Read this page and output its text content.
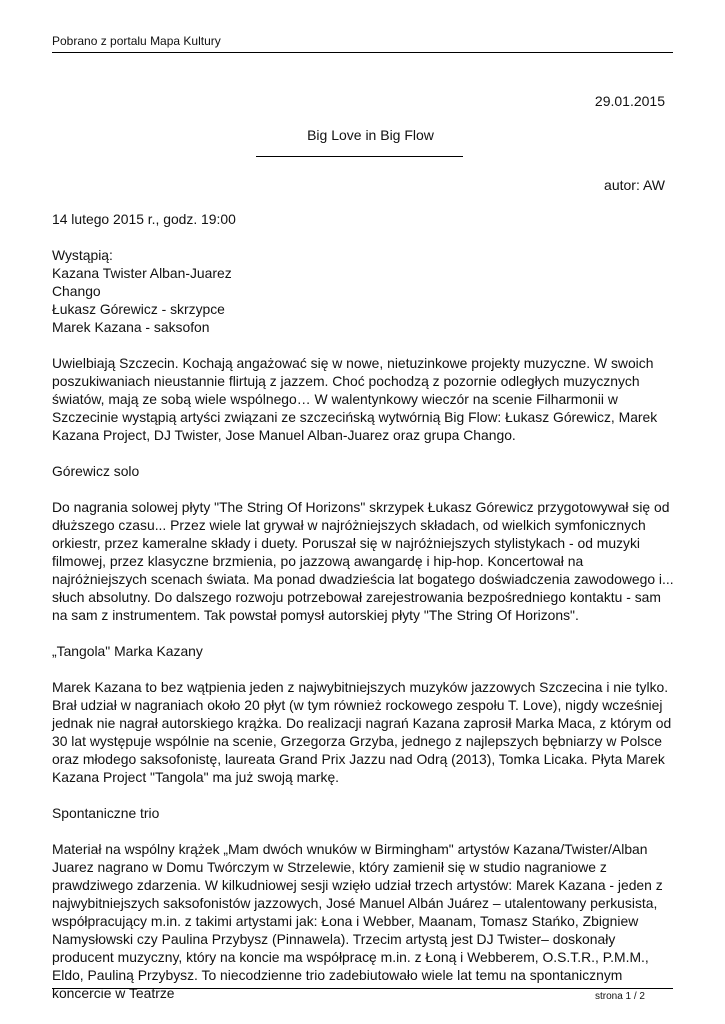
Pobrano z portalu Mapa Kultury
29.01.2015
Big Love in Big Flow
autor: AW

14 lutego 2015 r., godz. 19:00

Wystąpią:
Kazana Twister Alban-Juarez
Chango
Łukasz Górewicz - skrzypce
Marek Kazana - saksofon

Uwielbiają Szczecin. Kochają angażować się w nowe, nietuzinkowe projekty muzyczne. W swoich poszukiwaniach nieustannie flirtują z jazzem. Choć pochodzą z pozornie odległych muzycznych światów, mają ze sobą wiele wspólnego… W walentynkowy wieczór na scenie Filharmonii w Szczecinie wystąpią artyści związani ze szczecińską wytwórnią Big Flow: Łukasz Górewicz, Marek Kazana Project, DJ Twister, Jose Manuel Alban-Juarez oraz grupa Chango.

Górewicz solo

Do nagrania solowej płyty "The String Of Horizons" skrzypek Łukasz Górewicz przygotowywał się od dłuższego czasu... Przez wiele lat grywał w najróżniejszych składach, od wielkich symfonicznych orkiestr, przez kameralne składy i duety. Poruszał się w najróżniejszych stylistykach - od muzyki filmowej, przez klasyczne brzmienia, po jazzową awangardę i hip-hop. Koncertował na najróżniejszych scenach świata. Ma ponad dwadzieścia lat bogatego doświadczenia zawodowego i... słuch absolutny. Do dalszego rozwoju potrzebował zarejestrowania bezpośredniego kontaktu - sam na sam z instrumentem. Tak powstał pomysł autorskiej płyty "The String Of Horizons".

„Tangola" Marka Kazany

Marek Kazana to bez wątpienia jeden z najwybitniejszych muzyków jazzowych Szczecina i nie tylko. Brał udział w nagraniach około 20 płyt (w tym również rockowego zespołu T. Love), nigdy wcześniej jednak nie nagrał autorskiego krążka. Do realizacji nagrań Kazana zaprosił Marka Maca, z którym od 30 lat występuje wspólnie na scenie, Grzegorza Grzyba, jednego z najlepszych bębniarzy w Polsce oraz młodego saksofonistę, laureata Grand Prix Jazzu nad Odrą (2013), Tomka Licaka. Płyta Marek Kazana Project "Tangola" ma już swoją markę.

Spontaniczne trio

Materiał na wspólny krążek „Mam dwóch wnuków w Birmingham" artystów Kazana/Twister/Alban Juarez nagrano w Domu Twórczym w Strzelewie, który zamienił się w studio nagraniowe z prawdziwego zdarzenia. W kilkudniowej sesji wzięło udział trzech artystów: Marek Kazana - jeden z najwybitniejszych saksofonistów jazzowych, José Manuel Albán Juárez – utalentowany perkusista, współpracujący m.in. z takimi artystami jak: Łona i Webber, Maanam, Tomasz Stańko, Zbigniew Namysłowski czy Paulina Przybysz (Pinnawela). Trzecim artystą jest DJ Twister– doskonały producent muzyczny, który na koncie ma współpracę m.in. z Łoną i Webberem, O.S.T.R., P.M.M., Eldo, Pauliną Przybysz. To niecodzienne trio zadebiutowało wiele lat temu na spontanicznym koncercie w Teatrze	strona 1 / 2
